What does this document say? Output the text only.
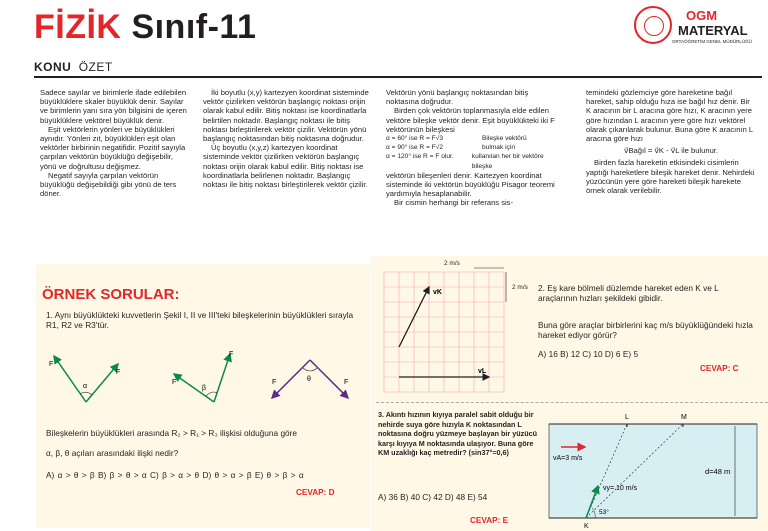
FİZİK Sınıf-11	OGM
MATERYAL
ORTAÖĞRETİM GENEL MÜDÜRLÜĞÜ
KONU ÖZET

Sadece sayılar ve birimlerle ifade edilebilen büyüklüklere skaler büyüklük denir. Sayılar ve birimlerin yanı sıra yön bilgisini de içeren büyüklüklere vektörel büyüklük denir.

Eşit vektörlerin yönleri ve büyüklükleri aynıdır. Yönleri zıt, büyüklükleri eşit olan vektörler birbirinin negatifidir. Pozitif sayıyla çarpılan vektörün büyüklüğü değişebilir, yönü ve doğrultusu değişmez.

Negatif sayıyla çarpılan vektörün büyüklüğü değişebildiği gibi yönü de ters döner.

İki boyutlu (x,y) kartezyen koordinat sisteminde vektör çizilirken vektörün başlangıç noktası orijin olarak kabul edilir. Bitiş noktası ise koordinatlarla belirtilen noktadır. Başlangıç noktası ile bitiş noktası birleştirilerek vektör çizilir. Vektörün yönü başlangıç noktasından bitiş noktasına doğrudur.

Üç boyutlu (x,y,z) kartezyen koordinat sisteminde vektör çizilirken vektörün başlangıç noktası orijin olarak kabul edilir. Bitiş noktası ise koordinatlarla belirlenen noktadır. Başlangıç noktası ile bitiş noktası birleştirilerek vektör çizilir.

Vektörün yönü başlangıç noktasından bitiş noktasına doğrudur.

Birden çok vektörün toplanmasıyla elde edilen vektöre bileşke vektör denir. Eşit büyüklükteki iki F vektörünün bileşkesi

α = 60° ise R = F√3	Bileşke vektörü
α = 90° ise R = F√2	bulmak için
α = 120° ise R = F olur.	kullanılan her bir vektöre bileşke

vektörün bileşenleri denir. Kartezyen koordinat sisteminde iki vektörün büyüklüğü Pisagor teoremi yardımıyla hesaplanabilir.

Bir cismin herhangi bir referans sis-

temindeki gözlemciye göre hareketine bağıl hareket, sahip olduğu hıza ise bağıl hız denir. Bir K aracının bir L aracına göre hızı, K aracının yere göre hızından L aracının yere göre hızı vektörel olarak çıkarılarak bulunur. Buna göre K aracının L aracına göre hızı

v⃗Bağıl = v⃗K - v⃗L ile bulunur.

Birden fazla hareketin etkisindeki cisimlerin yaptığı hareketlere bileşik hareket denir. Nehirdeki yüzücünün yere göre hareketi bileşik harekete örnek olarak verilebilir.

ÖRNEK SORULAR:
1. Aynı büyüklükteki kuvvetlerin Şekil I, II ve III'teki bileşkelerinin büyüklükleri sırayla R1, R2 ve R3'tür.
F
F
α
F
F
β
F	F
θ
Bileşkelerin büyüklükleri arasında R₂ > R₁ > R₃ ilişkisi olduğuna göre
α, β, θ açıları arasındaki ilişki nedir?
A) α > θ > β B) β > θ > α C) β > α > θ D) θ > α > β E) θ > β > α
CEVAP: D
2 m/s
2 m/s
vK
vL
2. Eş kare bölmeli düzlemde hareket eden K ve L araçlarının hızları şekildeki gibidir.
Buna göre araçlar birbirlerini kaç m/s büyüklüğündeki hızla hareket ediyor görür?
A) 16 B) 12 C) 10 D) 6 E) 5
CEVAP: C
3. Akıntı hızının kıyıya paralel sabit olduğu bir nehirde suya göre hızıyla K noktasından L noktasına doğru yüzmeye başlayan bir yüzücü karşı kıyıya M noktasında ulaşıyor. Buna göre KM uzaklığı kaç metredir? (sin37°=0,6)
A) 36 B) 40 C) 42 D) 48 E) 54
CEVAP: E
L	M
vA=3 m/s
vy= 10 m/s
53°
K
d=48 m
